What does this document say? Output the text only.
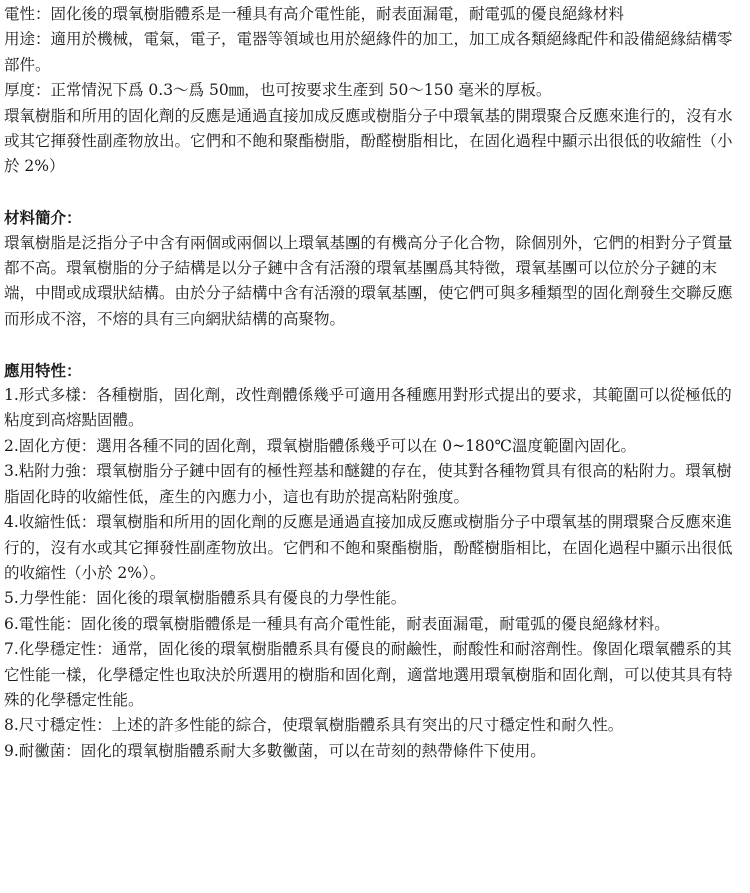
電性：固化後的環氧樹脂體系是一種具有高介電性能，耐表面漏電，耐電弧的優良絕緣材料

用途：適用於機械，電氣，電子，電器等領域也用於絕緣件的加工，加工成各類絕緣配件和設備絕緣結構零部件。

厚度：正常情況下爲 0.3～爲 50㎜，也可按要求生產到 50～150 毫米的厚板。

環氧樹脂和所用的固化劑的反應是通過直接加成反應或樹脂分子中環氧基的開環聚合反應來進行的，沒有水或其它揮發性副產物放出。它們和不飽和聚酯樹脂，酚醛樹脂相比，在固化過程中顯示出很低的收縮性（小於 2%）

材料簡介：

環氧樹脂是泛指分子中含有兩個或兩個以上環氧基團的有機高分子化合物，除個別外，它們的相對分子質量都不高。環氧樹脂的分子結構是以分子鏈中含有活潑的環氧基團爲其特徵，環氧基團可以位於分子鏈的末端，中間或成環狀結構。由於分子結構中含有活潑的環氧基團，使它們可與多種類型的固化劑發生交聯反應而形成不溶，不熔的具有三向網狀結構的高聚物。

應用特性：

1.形式多樣：各種樹脂，固化劑，改性劑體係幾乎可適用各種應用對形式提出的要求，其範圍可以從極低的粘度到高熔點固體。

2.固化方便：選用各種不同的固化劑，環氧樹脂體係幾乎可以在 0~180℃溫度範圍內固化。

3.粘附力強：環氧樹脂分子鏈中固有的極性羥基和醚鍵的存在，使其對各種物質具有很高的粘附力。環氧樹脂固化時的收縮性低，產生的內應力小，這也有助於提高粘附強度。

4.收縮性低：環氧樹脂和所用的固化劑的反應是通過直接加成反應或樹脂分子中環氧基的開環聚合反應來進行的，沒有水或其它揮發性副產物放出。它們和不飽和聚酯樹脂，酚醛樹脂相比，在固化過程中顯示出很低的收縮性（小於 2%）。

5.力學性能：固化後的環氧樹脂體系具有優良的力學性能。

6.電性能：固化後的環氧樹脂體係是一種具有高介電性能，耐表面漏電，耐電弧的優良絕緣材料。

7.化學穩定性：通常，固化後的環氧樹脂體系具有優良的耐鹼性，耐酸性和耐溶劑性。像固化環氧體系的其它性能一樣，化學穩定性也取決於所選用的樹脂和固化劑，適當地選用環氧樹脂和固化劑，可以使其具有特殊的化學穩定性能。

8.尺寸穩定性：上述的許多性能的綜合，使環氧樹脂體系具有突出的尺寸穩定性和耐久性。

9.耐黴菌：固化的環氧樹脂體系耐大多數黴菌，可以在苛刻的熱帶條件下使用。
